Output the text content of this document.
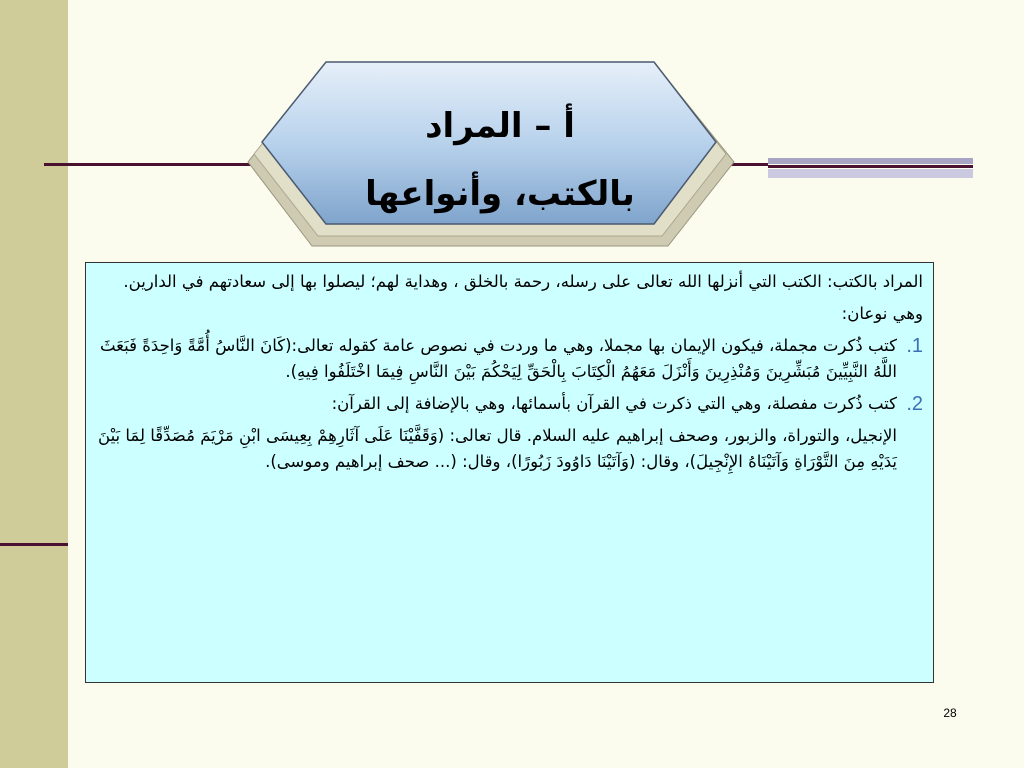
أ – المراد
بالكتب، وأنواعها

المراد بالكتب: الكتب التي أنزلها الله تعالى على رسله، رحمة بالخلق ، وهداية لهم؛ ليصلوا بها إلى سعادتهم في الدارين.

وهي نوعان:

1.
كتب ذُكرت مجملة، فيكون الإيمان بها مجملا، وهي ما وردت في نصوص عامة كقوله تعالى:(كَانَ النَّاسُ أُمَّةً وَاحِدَةً فَبَعَثَ اللَّهُ النَّبِيِّينَ مُبَشِّرِينَ وَمُنْذِرِينَ وَأَنْزَلَ مَعَهُمُ الْكِتَابَ بِالْحَقِّ لِيَحْكُمَ بَيْنَ النَّاسِ فِيمَا اخْتَلَفُوا فِيهِ).
2.
كتب ذُكرت مفصلة، وهي التي ذكرت في القرآن بأسمائها، وهي بالإضافة إلى القرآن:

الإنجيل، والتوراة، والزبور، وصحف إبراهيم عليه السلام. قال تعالى: (وَقَفَّيْنَا عَلَى آثَارِهِمْ بِعِيسَى ابْنِ مَرْيَمَ مُصَدِّقًا لِمَا بَيْنَ يَدَيْهِ مِنَ التَّوْرَاةِ وَآتَيْنَاهُ الإِنْجِيلَ)، وقال: (وَآتَيْنَا دَاوُودَ زَبُورًا)، وقال: (... صحف إبراهيم وموسى).

28
